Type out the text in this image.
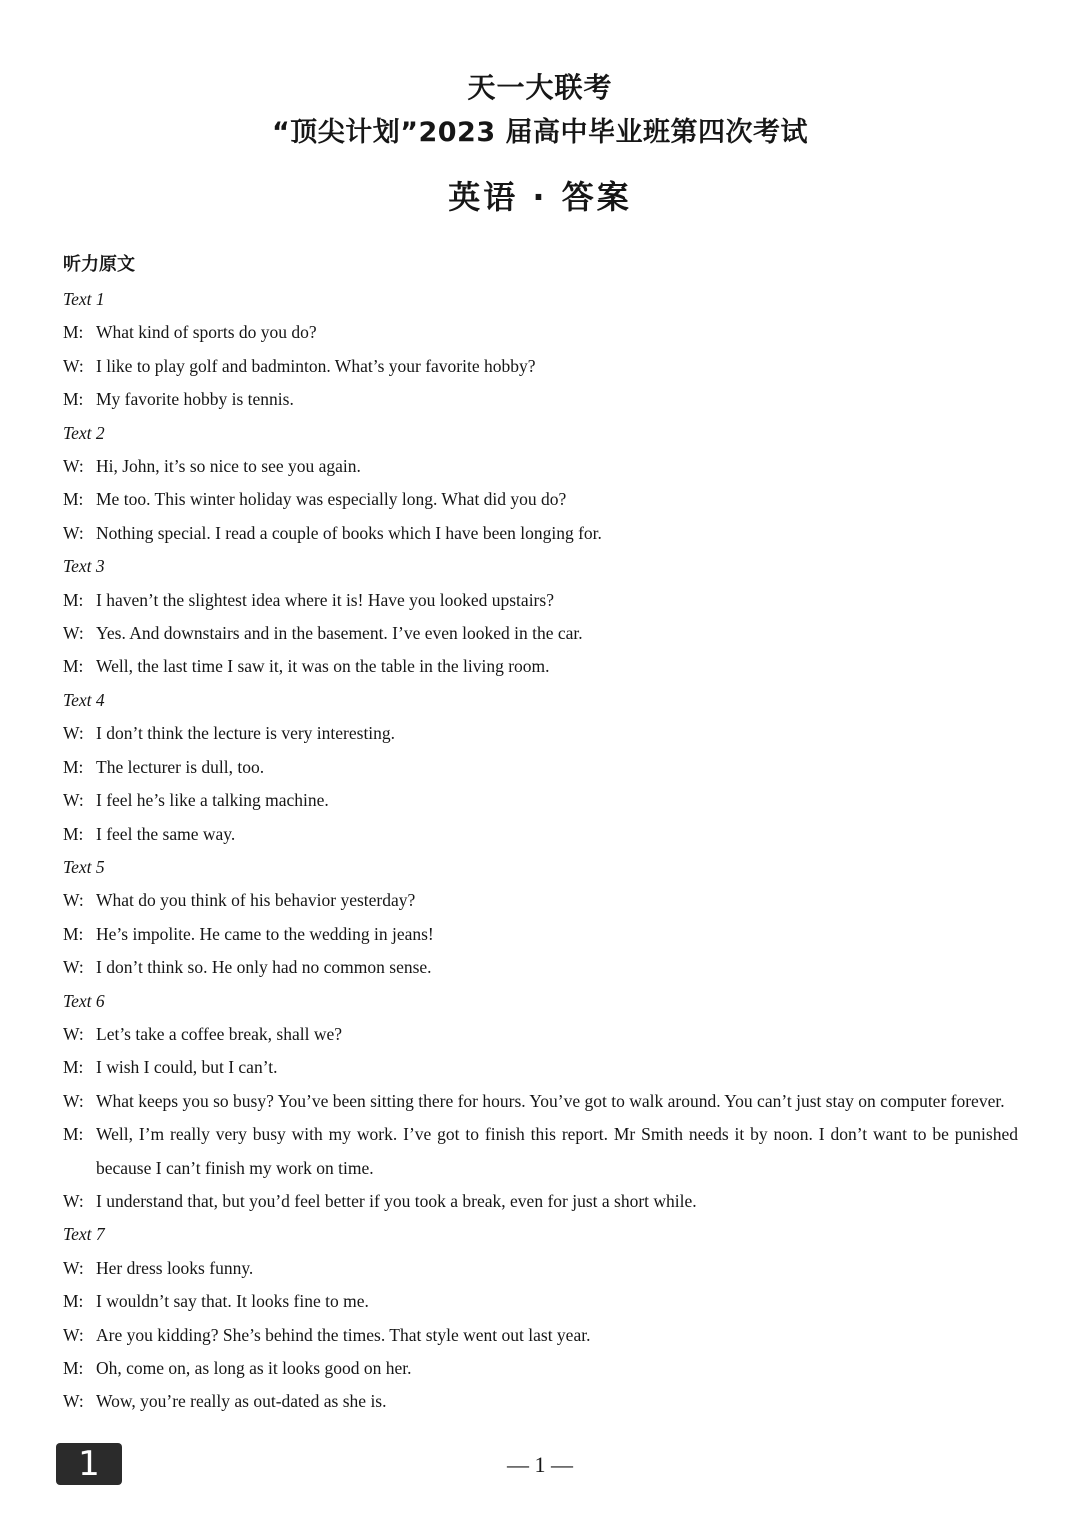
天一大联考
“顶尖计划”2023 届高中毕业班第四次考试
英语 · 答案
听力原文

Text 1

M: What kind of sports do you do?

W: I like to play golf and badminton. What’s your favorite hobby?

M: My favorite hobby is tennis.

Text 2

W: Hi, John, it’s so nice to see you again.

M: Me too. This winter holiday was especially long. What did you do?

W: Nothing special. I read a couple of books which I have been longing for.

Text 3

M: I haven’t the slightest idea where it is! Have you looked upstairs?

W: Yes. And downstairs and in the basement. I’ve even looked in the car.

M: Well, the last time I saw it, it was on the table in the living room.

Text 4

W: I don’t think the lecture is very interesting.

M: The lecturer is dull, too.

W: I feel he’s like a talking machine.

M: I feel the same way.

Text 5

W: What do you think of his behavior yesterday?

M: He’s impolite. He came to the wedding in jeans!

W: I don’t think so. He only had no common sense.

Text 6

W: Let’s take a coffee break, shall we?

M: I wish I could, but I can’t.

W: What keeps you so busy? You’ve been sitting there for hours. You’ve got to walk around. You can’t just stay on computer forever.

M: Well, I’m really very busy with my work. I’ve got to finish this report. Mr Smith needs it by noon. I don’t want to be punished because I can’t finish my work on time.

W: I understand that, but you’d feel better if you took a break, even for just a short while.

Text 7

W: Her dress looks funny.

M: I wouldn’t say that. It looks fine to me.

W: Are you kidding? She’s behind the times. That style went out last year.

M: Oh, come on, as long as it looks good on her.

W: Wow, you’re really as out-dated as she is.

1	— 1 —
